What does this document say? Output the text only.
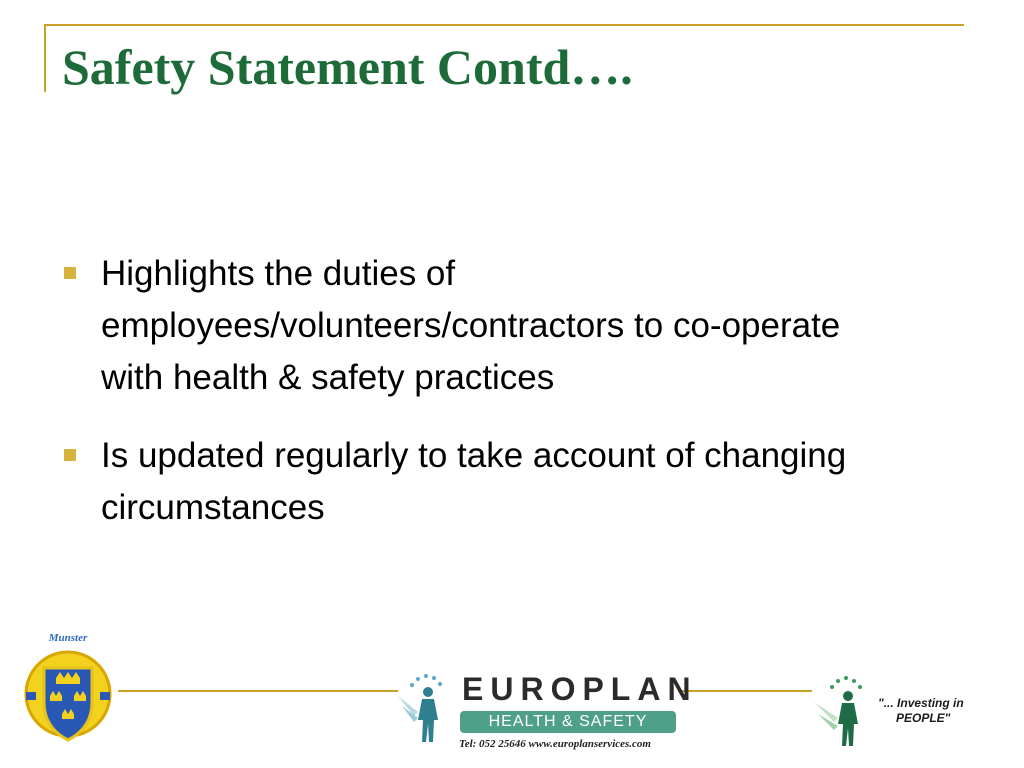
Safety Statement Contd….
Highlights the duties of employees/volunteers/contractors to co-operate with health & safety practices
Is updated regularly to take account of changing circumstances
Munster
EUROPLAN
HEALTH & SAFETY
Tel: 052 25646 www.europlanservices.com
"... Investing in
PEOPLE"
